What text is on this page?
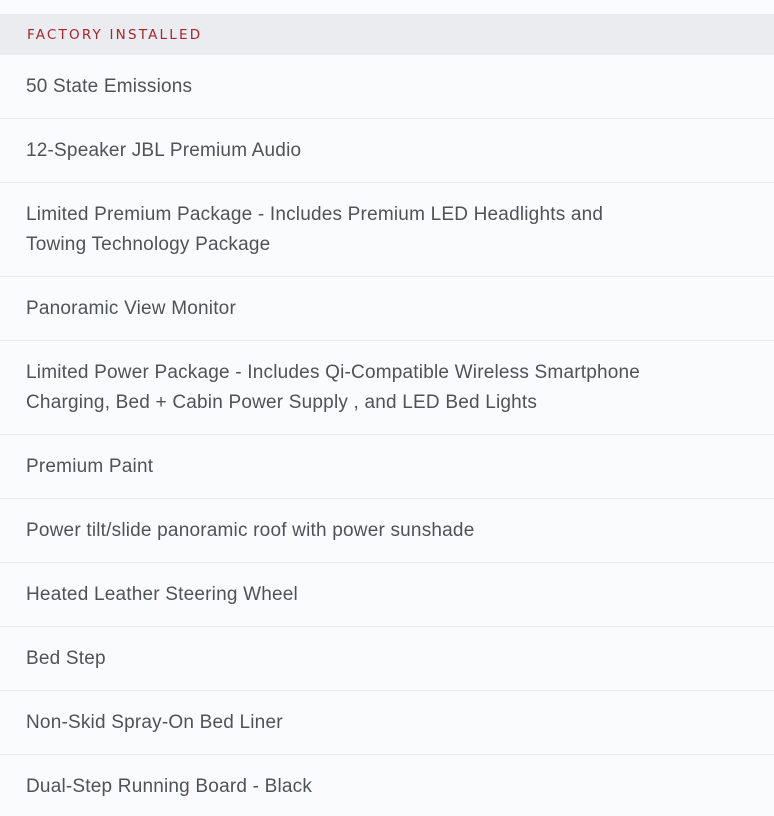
FACTORY INSTALLED
50 State Emissions
12-Speaker JBL Premium Audio
Limited Premium Package - Includes Premium LED Headlights and
Towing Technology Package
Panoramic View Monitor
Limited Power Package - Includes Qi-Compatible Wireless Smartphone
Charging, Bed + Cabin Power Supply , and LED Bed Lights
Premium Paint
Power tilt/slide panoramic roof with power sunshade
Heated Leather Steering Wheel
Bed Step
Non-Skid Spray-On Bed Liner
Dual-Step Running Board - Black
